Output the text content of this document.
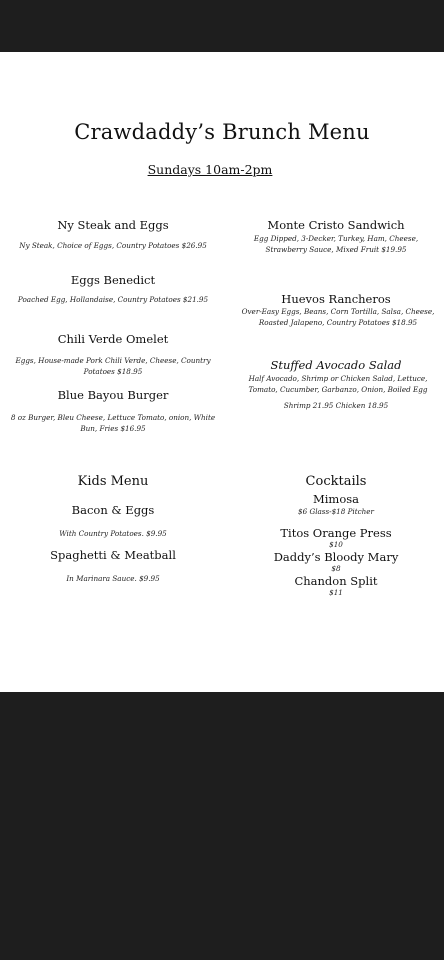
Crawdaddy’s Brunch Menu
Sundays 10am-2pm
Ny Steak and Eggs
Ny Steak, Choice of Eggs, Country Potatoes $26.95
Eggs Benedict
Poached Egg, Hollandaise, Country Potatoes $21.95
Chili Verde Omelet
Eggs, House-made Pork Chili Verde, Cheese, Country Potatoes $18.95
Blue Bayou Burger
8 oz Burger, Bleu Cheese, Lettuce Tomato, onion, White Bun, Fries $16.95
Kids Menu
Bacon & Eggs
With Country Potatoes. $9.95
Spaghetti & Meatball
In Marinara Sauce. $9.95
Monte Cristo Sandwich
Egg Dipped, 3-Decker, Turkey, Ham, Cheese, Strawberry Sauce, Mixed Fruit $19.95
Huevos Rancheros
Over-Easy Eggs, Beans, Corn Tortilla, Salsa, Cheese, Roasted Jalapeno, Country Potatoes $18.95
Stuffed Avocado Salad
Half Avocado, Shrimp or Chicken Salad, Lettuce, Tomato, Cucumber, Garbanzo, Onion, Boiled Egg
Shrimp 21.95 Chicken 18.95
Cocktails
Mimosa
$6 Glass-$18 Pitcher
Titos Orange Press
$10
Daddy’s Bloody Mary
$8
Chandon Split
$11
